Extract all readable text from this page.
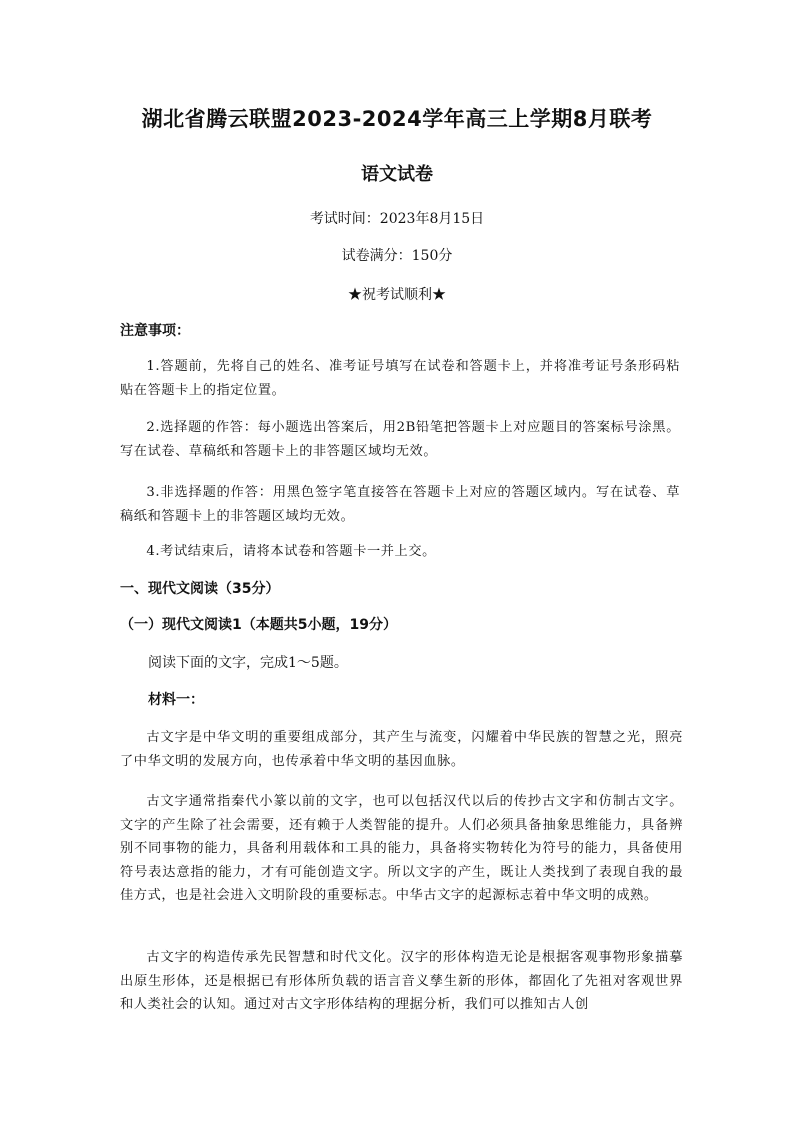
湖北省腾云联盟2023-2024学年高三上学期8月联考
语文试卷
考试时间：2023年8月15日
试卷满分：150分
★祝考试顺利★
注意事项：
1.答题前，先将自己的姓名、准考证号填写在试卷和答题卡上，并将准考证号条形码粘贴在答题卡上的指定位置。
2.选择题的作答：每小题选出答案后，用2B铅笔把答题卡上对应题目的答案标号涂黑。写在试卷、草稿纸和答题卡上的非答题区域均无效。
3.非选择题的作答：用黑色签字笔直接答在答题卡上对应的答题区域内。写在试卷、草稿纸和答题卡上的非答题区域均无效。
4.考试结束后，请将本试卷和答题卡一并上交。
一、现代文阅读（35分）
（一）现代文阅读1（本题共5小题，19分）
阅读下面的文字，完成1～5题。
材料一：
古文字是中华文明的重要组成部分，其产生与流变，闪耀着中华民族的智慧之光，照亮了中华文明的发展方向，也传承着中华文明的基因血脉。
古文字通常指秦代小篆以前的文字，也可以包括汉代以后的传抄古文字和仿制古文字。文字的产生除了社会需要，还有赖于人类智能的提升。人们必须具备抽象思维能力，具备辨别不同事物的能力，具备利用载体和工具的能力，具备将实物转化为符号的能力，具备使用符号表达意指的能力，才有可能创造文字。所以文字的产生，既让人类找到了表现自我的最佳方式，也是社会进入文明阶段的重要标志。中华古文字的起源标志着中华文明的成熟。
古文字的构造传承先民智慧和时代文化。汉字的形体构造无论是根据客观事物形象描摹出原生形体，还是根据已有形体所负载的语言音义孳生新的形体，都固化了先祖对客观世界和人类社会的认知。通过对古文字形体结构的理据分析，我们可以推知古人创
